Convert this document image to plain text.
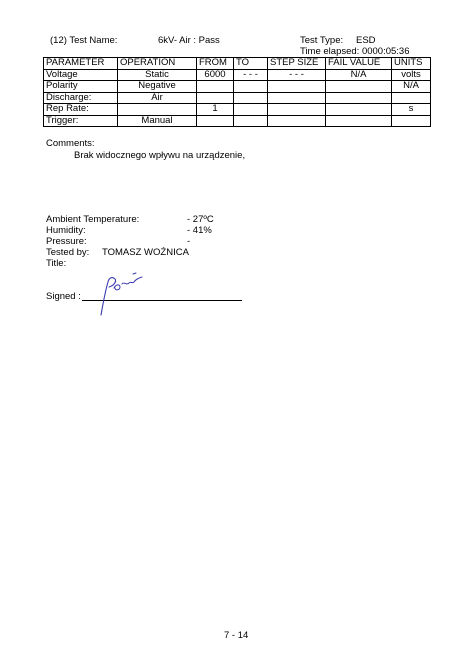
(12) Test Name:	6kV- Air : Pass	Test Type: ESD
Time elapsed: 0000:05:36
PARAMETER	OPERATION	FROM	TO	STEP SIZE	FAIL VALUE	UNITS
Voltage	Static	6000	- - -	- - -	N/A	volts
Polarity	Negative					N/A
Discharge:	Air					
Rep Rate:		1				s
Trigger:	Manual					
Comments:
Brak widocznego wpływu na urządzenie,
Ambient Temperature:	- 27ºC
Humidity:	- 41%
Pressure:	-
Tested by: TOMASZ WOŹNICA
Title:
Signed :
7 - 14
